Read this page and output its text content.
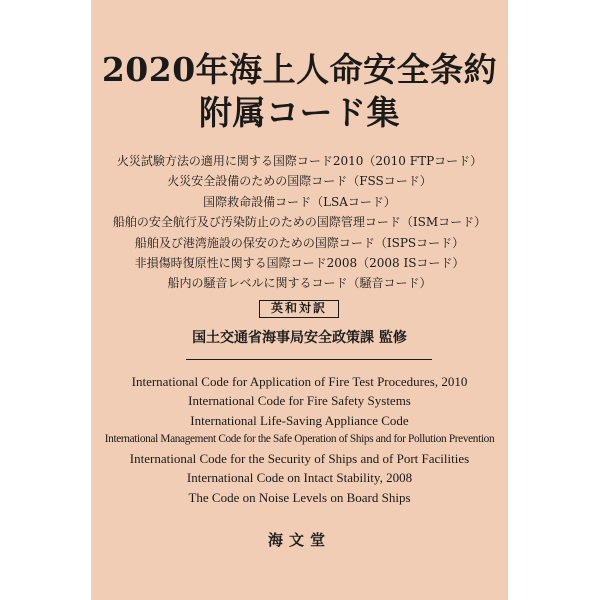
2020年海上人命安全条約
附属コード集
火災試験方法の適用に関する国際コード2010（2010 FTPコード）
火災安全設備のための国際コード（FSSコード）
国際救命設備コード（LSAコード）
船舶の安全航行及び汚染防止のための国際管理コード（ISMコード）
船舶及び港湾施設の保安のための国際コード（ISPSコード）
非損傷時復原性に関する国際コード2008（2008 ISコード）
船内の騒音レベルに関するコード（騒音コード）
英和対訳
国土交通省海事局安全政策課 監修
International Code for Application of Fire Test Procedures, 2010
International Code for Fire Safety Systems
International Life-Saving Appliance Code
International Management Code for the Safe Operation of Ships and for Pollution Prevention
International Code for the Security of Ships and of Port Facilities
International Code on Intact Stability, 2008
The Code on Noise Levels on Board Ships
海文堂
